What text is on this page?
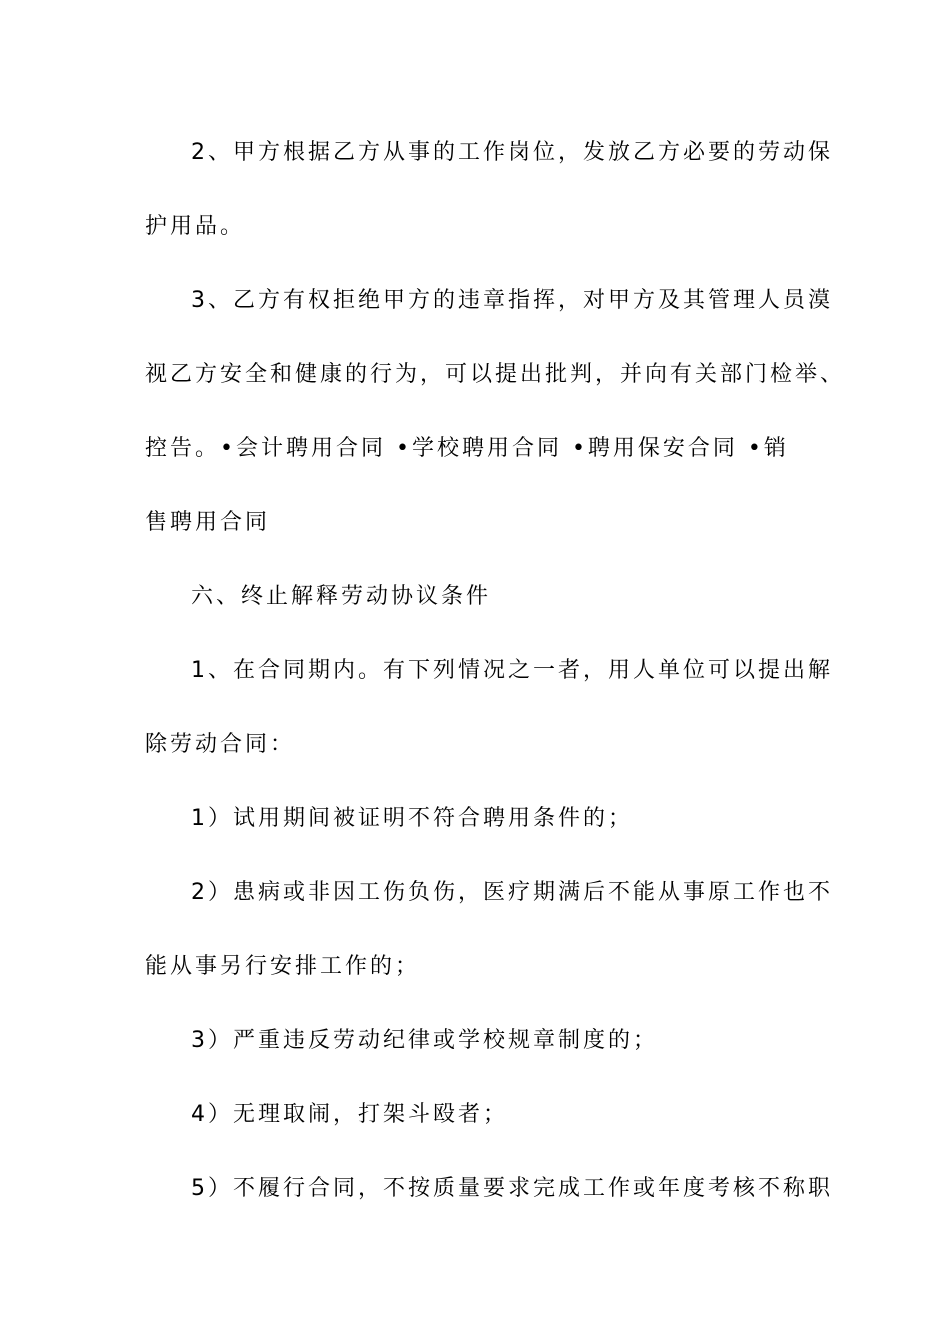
2、甲方根据乙方从事的工作岗位，发放乙方必要的劳动保
护用品。
3、乙方有权拒绝甲方的违章指挥，对甲方及其管理人员漠
视乙方安全和健康的行为，可以提出批判，并向有关部门检举、
控告。•会计聘用合同 •学校聘用合同 •聘用保安合同 •销
售聘用合同
六、终止解释劳动协议条件
1、在合同期内。有下列情况之一者，用人单位可以提出解
除劳动合同：
1）试用期间被证明不符合聘用条件的；
2）患病或非因工伤负伤，医疗期满后不能从事原工作也不
能从事另行安排工作的；
3）严重违反劳动纪律或学校规章制度的；
4）无理取闹，打架斗殴者；
5）不履行合同，不按质量要求完成工作或年度考核不称职
